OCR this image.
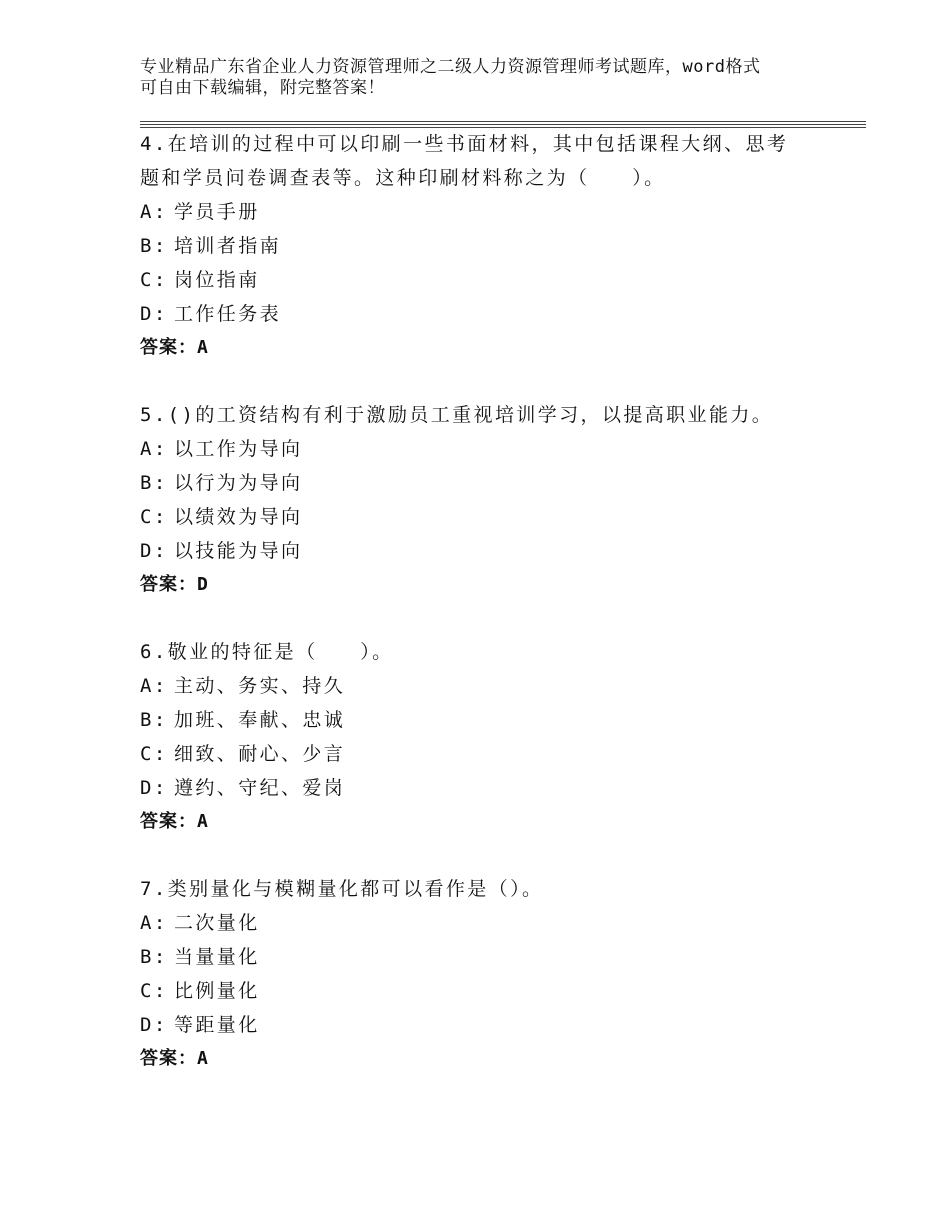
专业精品广东省企业人力资源管理师之二级人力资源管理师考试题库，word格式
可自由下载编辑，附完整答案！
4.在培训的过程中可以印刷一些书面材料，其中包括课程大纲、思考
题和学员问卷调查表等。这种印刷材料称之为（　　）。
A: 学员手册
B: 培训者指南
C: 岗位指南
D: 工作任务表
答案：A
5.()的工资结构有利于激励员工重视培训学习，以提高职业能力。
A: 以工作为导向
B: 以行为为导向
C: 以绩效为导向
D: 以技能为导向
答案：D
6.敬业的特征是（　　）。
A: 主动、务实、持久
B: 加班、奉献、忠诚
C: 细致、耐心、少言
D: 遵约、守纪、爱岗
答案：A
7.类别量化与模糊量化都可以看作是（）。
A: 二次量化
B: 当量量化
C: 比例量化
D: 等距量化
答案：A
